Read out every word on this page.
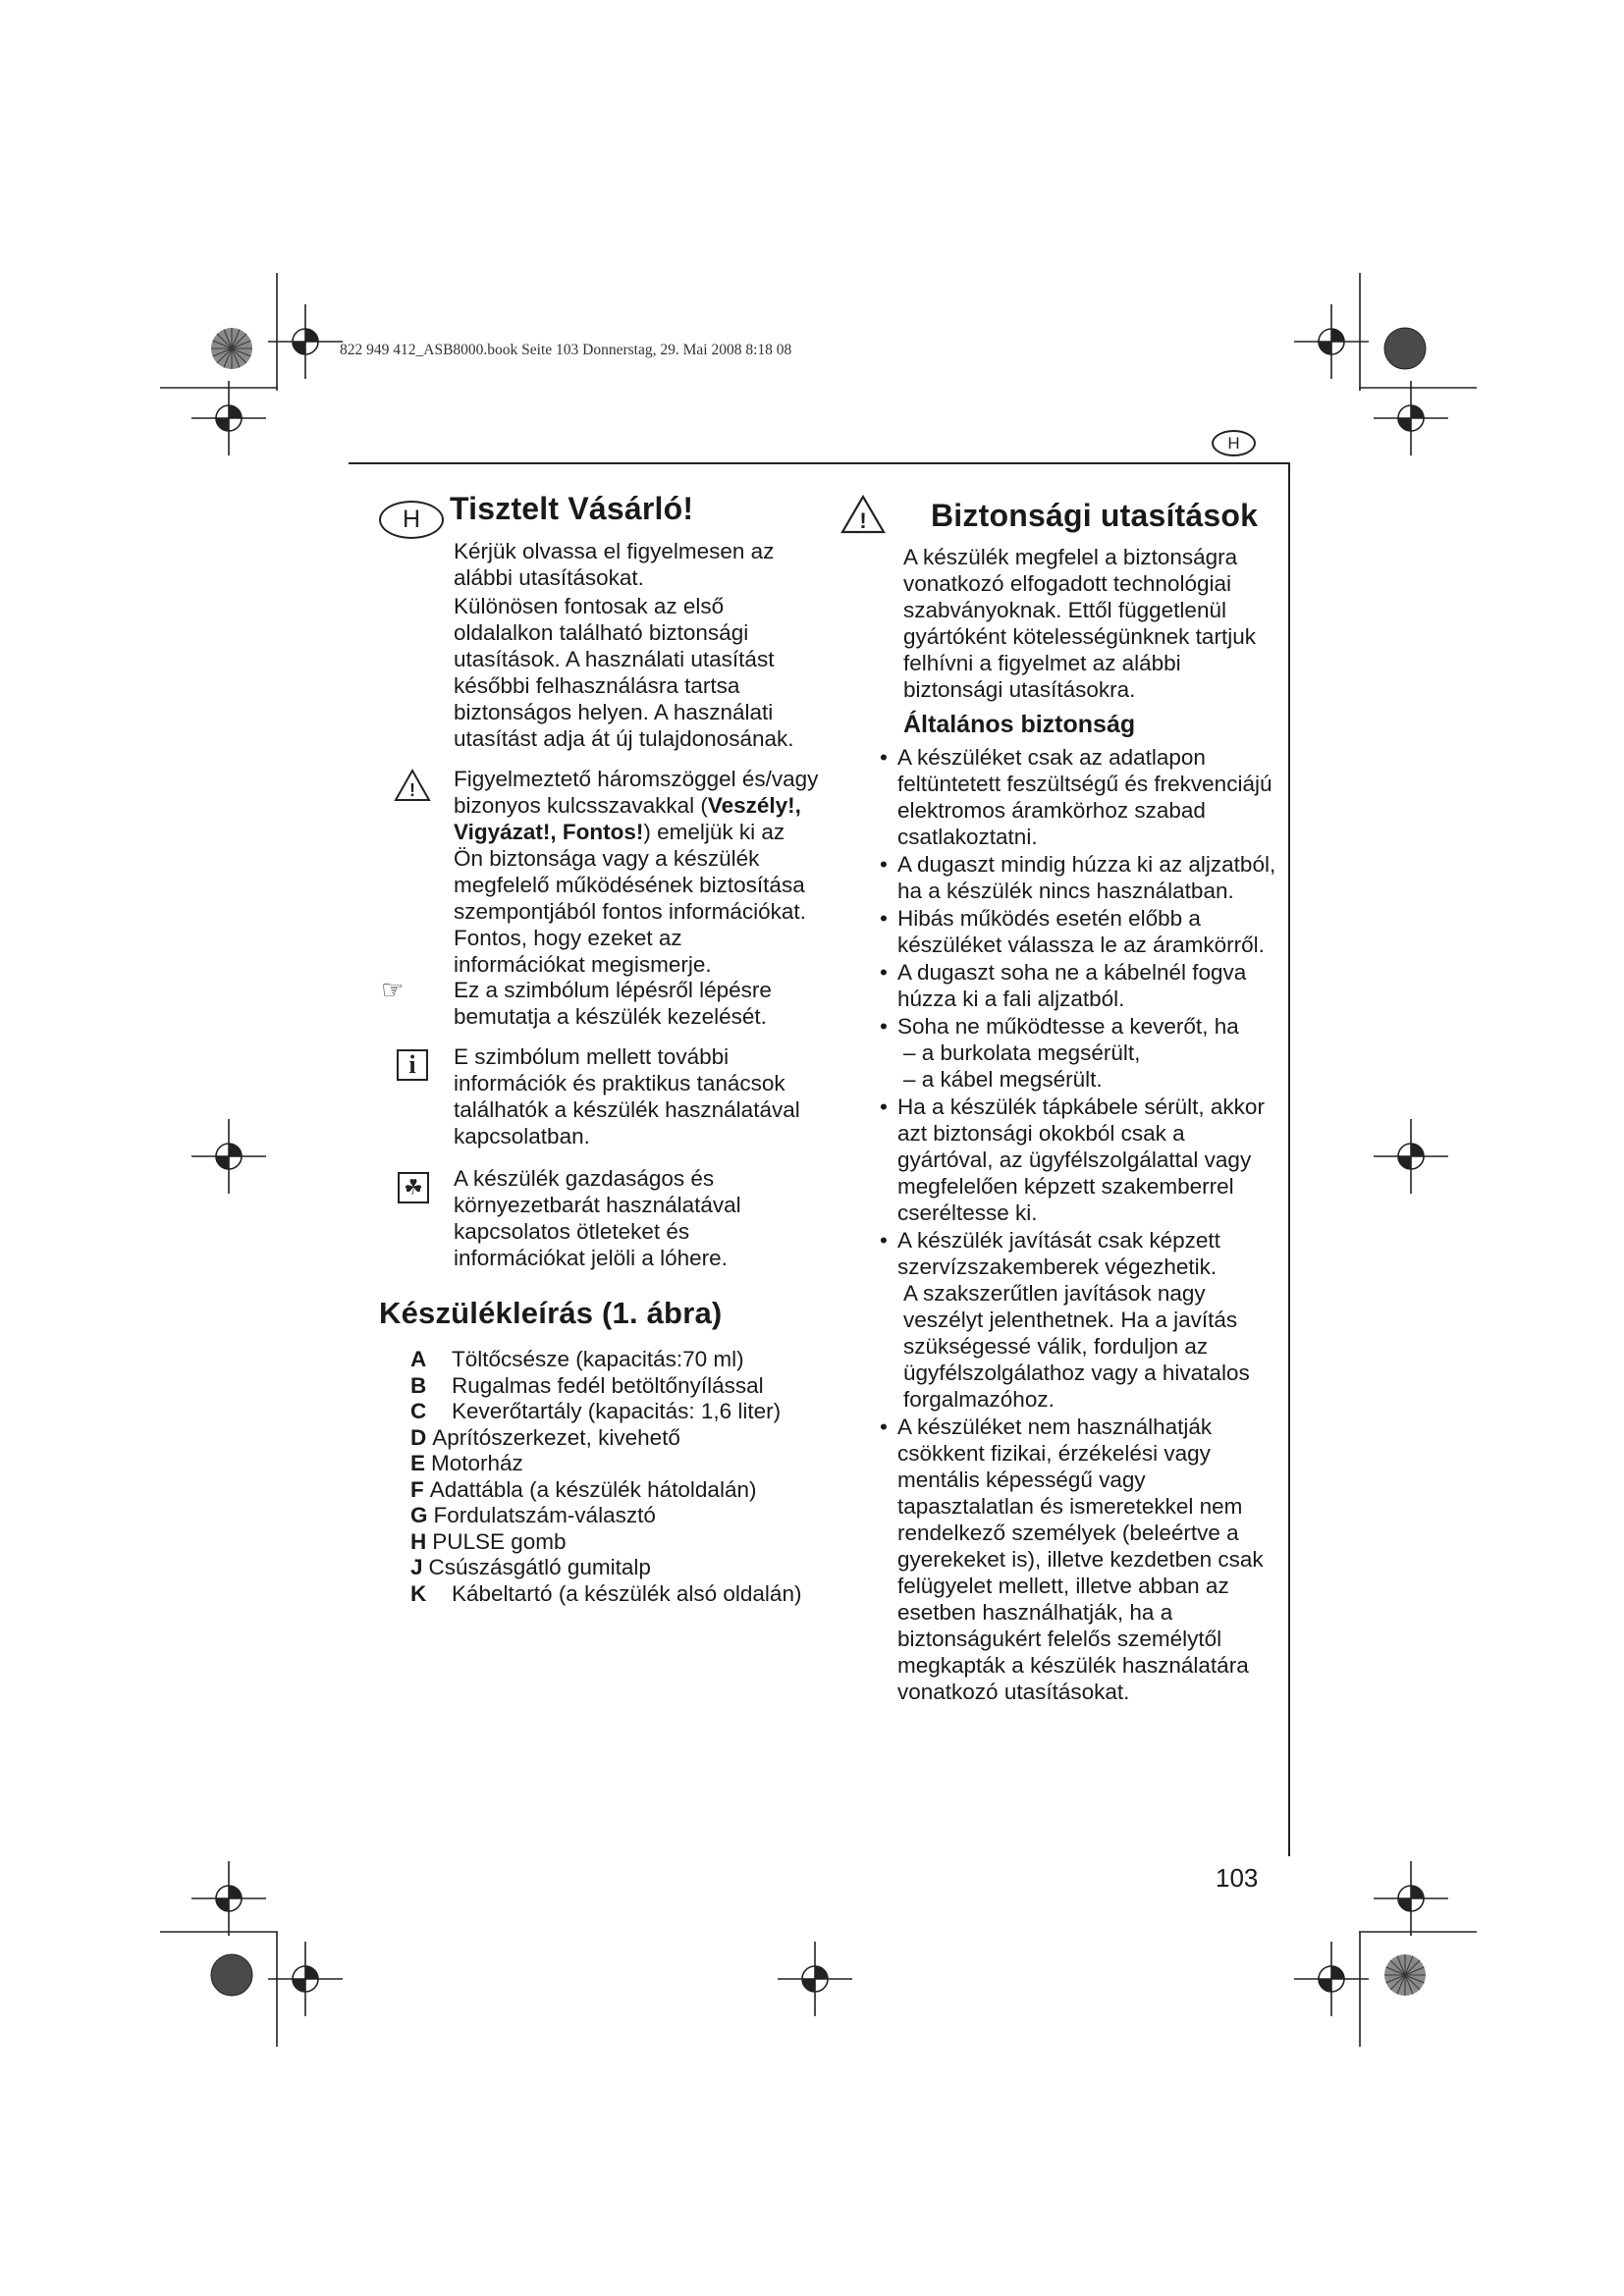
822 949 412_ASB8000.book Seite 103 Donnerstag, 29. Mai 2008 8:18 08
H
H Tisztelt Vásárló!
Kérjük olvassa el figyelmesen az alábbi utasításokat.
Különösen fontosak az első oldalalkon található biztonsági utasítások. A használati utasítást későbbi felhasználásra tartsa biztonságos helyen. A használati utasítást adja át új tulajdonosának.
! Figyelmeztető háromszöggel és/vagy bizonyos kulcsszavakkal (Veszély!, Vigyázat!, Fontos!) emeljük ki az Ön biztonsága vagy a készülék megfelelő működésének biztosítása szempontjából fontos információkat. Fontos, hogy ezeket az információkat megismerje.
☞ Ez a szimbólum lépésről lépésre bemutatja a készülék kezelését.
i E szimbólum mellett további információk és praktikus tanácsok találhatók a készülék használatával kapcsolatban.
☘ A készülék gazdaságos és környezetbarát használatával kapcsolatos ötleteket és információkat jelöli a lóhere.
Készülékleírás (1. ábra)
A	Töltőcsésze (kapacitás:70 ml)
B	Rugalmas fedél betöltőnyílással
C	Keverőtartály (kapacitás: 1,6 liter)
D Aprítószerkezet, kivehető
E Motorház
F Adattábla (a készülék hátoldalán)
G Fordulatszám-választó
H PULSE gomb
J Csúszásgátló gumitalp
K	Kábeltartó (a készülék alsó oldalán)
! Biztonsági utasítások
A készülék megfelel a biztonságra vonatkozó elfogadott technológiai szabványoknak. Ettől függetlenül gyártóként kötelességünknek tartjuk felhívni a figyelmet az alábbi biztonsági utasításokra.
Általános biztonság
• A készüléket csak az adatlapon feltüntetett feszültségű és frekvenciájú elektromos áramkörhoz szabad csatlakoztatni.
• A dugaszt mindig húzza ki az aljzatból, ha a készülék nincs használatban.
• Hibás működés esetén előbb a készüléket válassza le az áramkörről.
• A dugaszt soha ne a kábelnél fogva húzza ki a fali aljzatból.
• Soha ne működtesse a keverőt, ha
– a burkolata megsérült,
– a kábel megsérült.
• Ha a készülék tápkábele sérült, akkor azt biztonsági okokból csak a gyártóval, az ügyfélszolgálattal vagy megfelelően képzett szakemberrel cseréltesse ki.
• A készülék javítását csak képzett szervízszakemberek végezhetik.
A szakszerűtlen javítások nagy veszélyt jelenthetnek. Ha a javítás szükségessé válik, forduljon az ügyfélszolgálathoz vagy a hivatalos forgalmazóhoz.
• A készüléket nem használhatják csökkent fizikai, érzékelési vagy mentális képességű vagy tapasztalatlan és ismeretekkel nem rendelkező személyek (beleértve a gyerekeket is), illetve kezdetben csak felügyelet mellett, illetve abban az esetben használhatják, ha a biztonságukért felelős személytől megkapták a készülék használatára vonatkozó utasításokat.
103
